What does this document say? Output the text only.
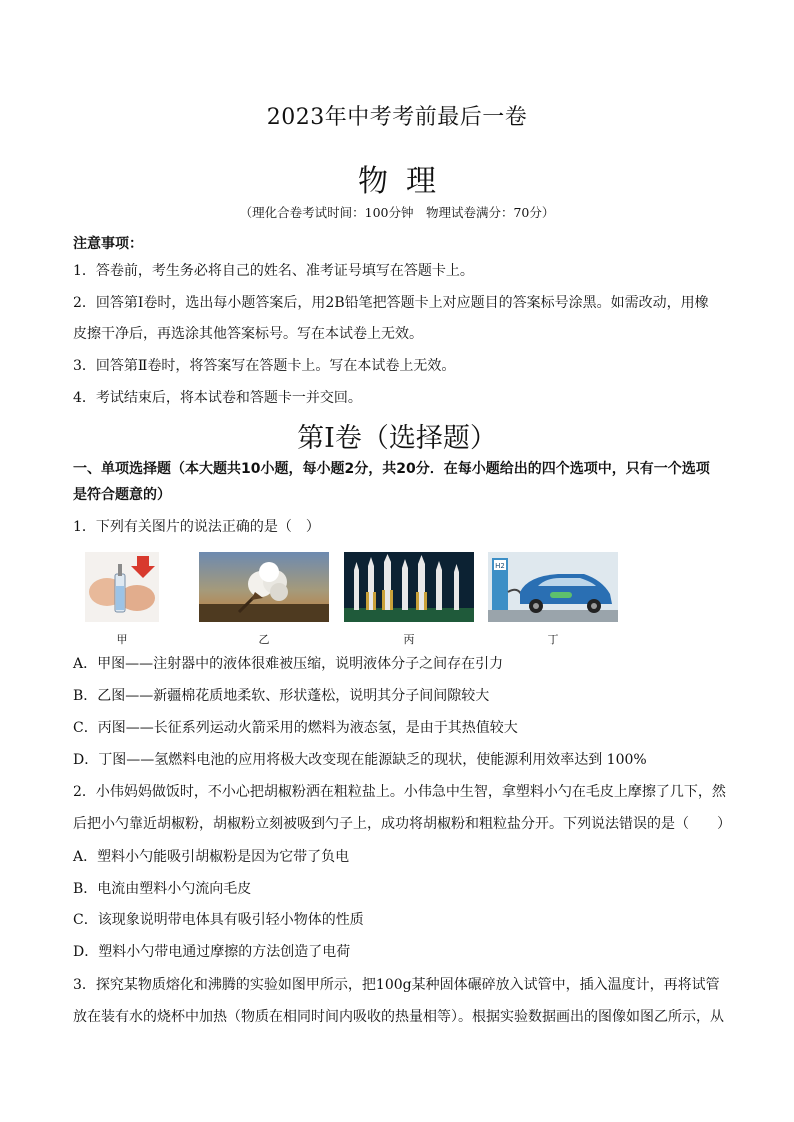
2023年中考考前最后一卷
物理
（理化合卷考试时间：100分钟　物理试卷满分：70分）
注意事项：
1．答卷前，考生务必将自己的姓名、准考证号填写在答题卡上。
2．回答第Ⅰ卷时，选出每小题答案后，用2B铅笔把答题卡上对应题目的答案标号涂黑。如需改动，用橡
皮擦干净后，再选涂其他答案标号。写在本试卷上无效。
3．回答第Ⅱ卷时，将答案写在答题卡上。写在本试卷上无效。
4．考试结束后，将本试卷和答题卡一并交回。
第Ⅰ卷（选择题）
一、单项选择题（本大题共10小题，每小题2分，共20分．在每小题给出的四个选项中，只有一个选项
是符合题意的）
1．下列有关图片的说法正确的是（　）
H2
甲	乙	丙	丁
A．甲图——注射器中的液体很难被压缩，说明液体分子之间存在引力
B．乙图——新疆棉花质地柔软、形状蓬松，说明其分子间间隙较大
C．丙图——长征系列运动火箭采用的燃料为液态氢，是由于其热值较大
D．丁图——氢燃料电池的应用将极大改变现在能源缺乏的现状，使能源利用效率达到 100%
2．小伟妈妈做饭时，不小心把胡椒粉洒在粗粒盐上。小伟急中生智，拿塑料小勺在毛皮上摩擦了几下，然
后把小勺靠近胡椒粉，胡椒粉立刻被吸到勺子上，成功将胡椒粉和粗粒盐分开。下列说法错误的是（　　）
A．塑料小勺能吸引胡椒粉是因为它带了负电
B．电流由塑料小勺流向毛皮
C．该现象说明带电体具有吸引轻小物体的性质
D．塑料小勺带电通过摩擦的方法创造了电荷
3．探究某物质熔化和沸腾的实验如图甲所示，把100g某种固体碾碎放入试管中，插入温度计，再将试管
放在装有水的烧杯中加热（物质在相同时间内吸收的热量相等）。根据实验数据画出的图像如图乙所示，从
